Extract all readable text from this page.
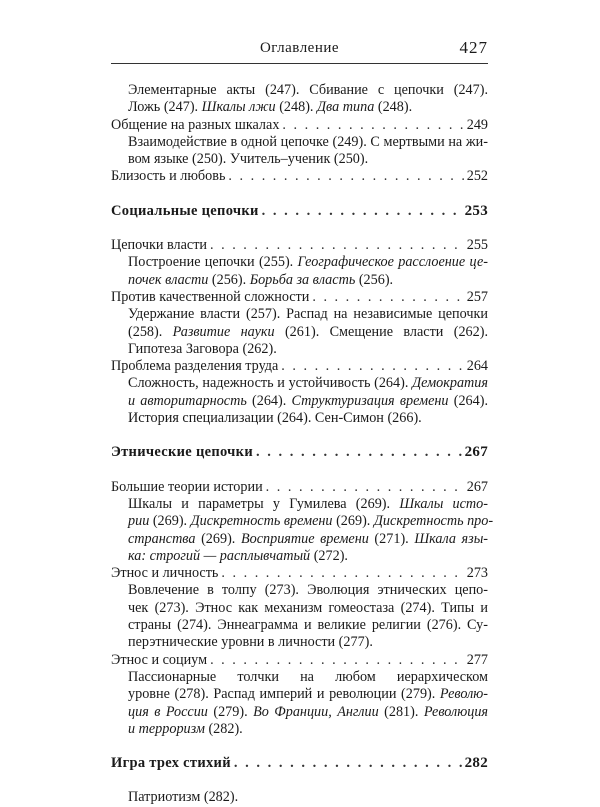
Оглавление	427
Элементарные акты (247). Сбивание с цепочки (247).
Ложь (247). Шкалы лжи (248). Два типа (248).
Общение на разных шкалах . . .	249
Взаимодействие в одной цепочке (249). С мертвыми на жи-
вом языке (250). Учитель–ученик (250).
Близость и любовь . . .	252
Социальные цепочки . . .	253
Цепочки власти . . .	255
Построение цепочки (255). Географическое расслоение це-
почек власти (256). Борьба за власть (256).
Против качественной сложности . . .	257
Удержание власти (257). Распад на независимые цепочки
(258). Развитие науки (261). Смещение власти (262).
Гипотеза Заговора (262).
Проблема разделения труда . . .	264
Сложность, надежность и устойчивость (264). Демократия
и авторитарность (264). Структуризация времени (264).
История специализации (264). Сен-Симон (266).
Этнические цепочки . . .	267
Большие теории истории . . .	267
Шкалы и параметры у Гумилева (269). Шкалы исто-
рии (269). Дискретность времени (269). Дискретность про-
странства (269). Восприятие времени (271). Шкала язы-
ка: строгий — расплывчатый (272).
Этнос и личность . . .	273
Вовлечение в толпу (273). Эволюция этнических цепо-
чек (273). Этнос как механизм гомеостаза (274). Типы и
страны (274). Эннеаграмма и великие религии (276). Су-
перэтнические уровни в личности (277).
Этнос и социум . . .	277
Пассионарные толчки на любом иерархическом
уровне (278). Распад империй и революции (279). Револю-
ция в России (279). Во Франции, Англии (281). Революция
и терроризм (282).
Игра трех стихий . . .	282
Патриотизм (282).
